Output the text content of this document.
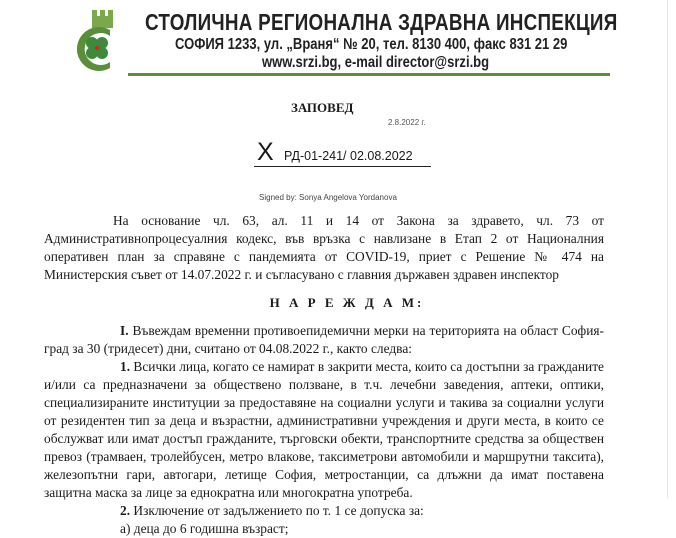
СТОЛИЧНА РЕГИОНАЛНА ЗДРАВНА ИНСПЕКЦИЯ
СОФИЯ 1233, ул. „Враня“ № 20, тел. 8130 400, факс 831 21 29
www.srzi.bg, e-mail director@srzi.bg
ЗАПОВЕД
2.8.2022 г.
X РД-01-241/ 02.08.2022
Signed by: Sonya Angelova Yordanova

На основание чл. 63, ал. 11 и 14 от Закона за здравето, чл. 73 от Административнопроцесуалния кодекс, във връзка с навлизане в Етап 2 от Националния оперативен план за справяне с пандемията от COVID-19, приет с Решение № 474 на Министерския съвет от 14.07.2022 г. и съгласувано с главния държавен здравен инспектор

Н А Р Е Ж Д А М:

I. Въвеждам временни противоепидемични мерки на територията на област София- град за 30 (тридесет) дни, считано от 04.08.2022 г., както следва:

1. Всички лица, когато се намират в закрити места, които са достъпни за гражданите и/или са предназначени за обществено ползване, в т.ч. лечебни заведения, аптеки, оптики, специализираните институции за предоставяне на социални услуги и такива за социални услуги от резидентен тип за деца и възрастни, административни учреждения и други места, в които се обслужват или имат достъп гражданите, търговски обекти, транспортните средства за обществен превоз (трамваен, тролейбусен, метро влакове, таксиметрови автомобили и маршрутни таксита), железопътни гари, автогари, летище София, метростанции, са длъжни да имат поставена защитна маска за лице за еднократна или многократна употреба.

2. Изключение от задължението по т. 1 се допуска за:

а) деца до 6 годишна възраст;
